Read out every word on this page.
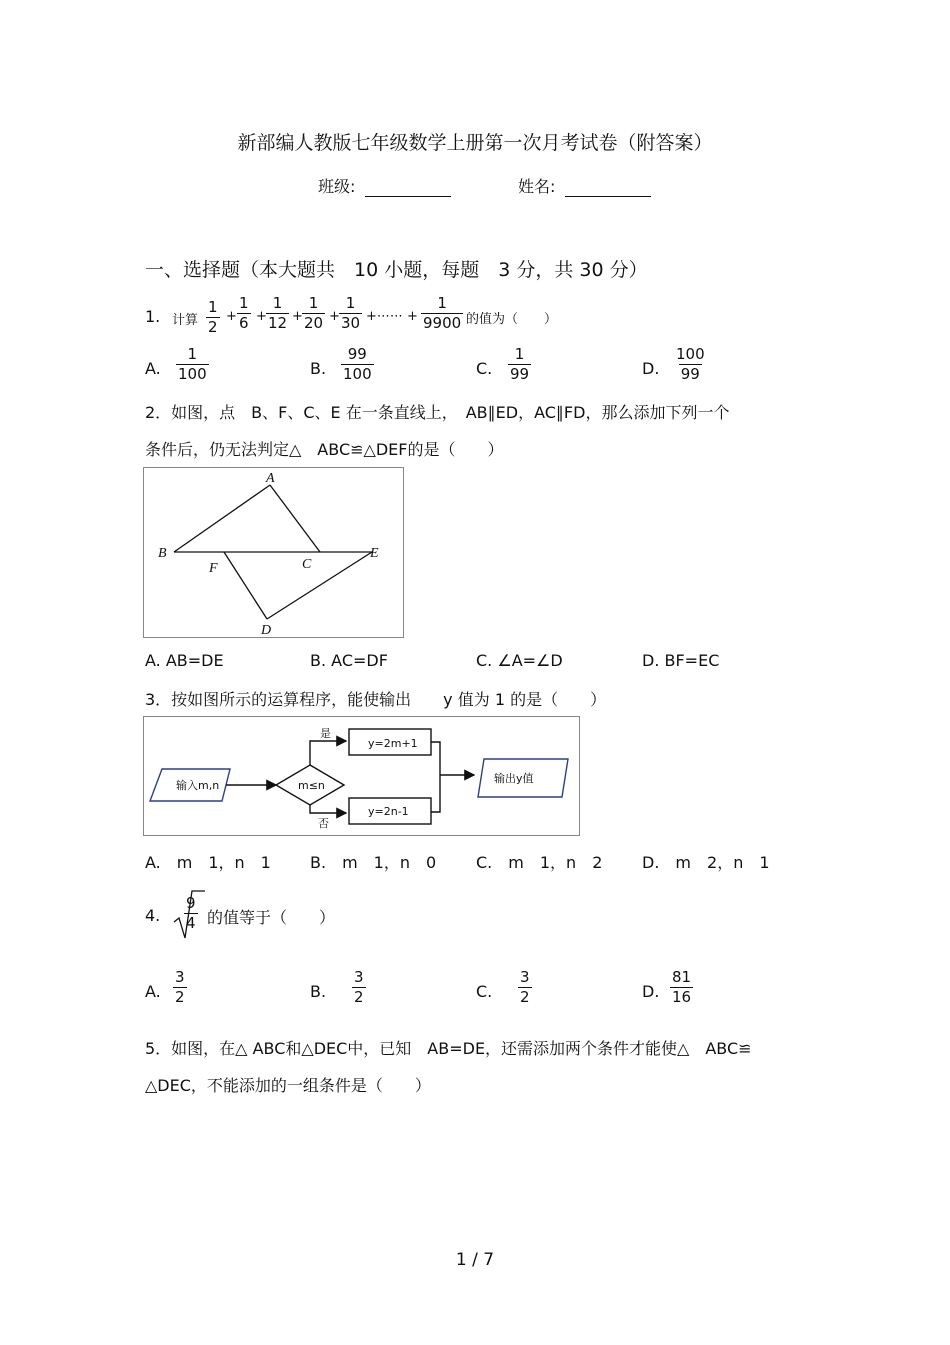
新部编人教版七年级数学上册第一次月考试卷（附答案）
班级:	姓名:
一、选择题（本大题共　10 小题，每题　3 分，共 30 分）
1. 计算 $\frac{1}{2} + \frac{1}{6} + \frac{1}{12} + \frac{1}{20} + \frac{1}{30}$ +⋯⋯ + $\frac{1}{9900}$ 的值为（　　）
A. $\frac{1}{100}$	B. $\frac{99}{100}$	C. $\frac{1}{99}$	D. $\frac{100}{99}$
2．如图，点　B、F、C、E 在一条直线上，　AB∥ED，AC∥FD，那么添加下列一个
条件后，仍无法判定△　ABC≌△DEF的是（　　）
A
B
C
D
E
F
A. AB=DE	B. AC=DF	C. ∠A=∠D	D. BF=EC
3．按如图所示的运算程序，能使输出　　y 值为 1 的是（　　）
输入m,n	m≤n
是
否
y=2m+1
y=2n-1
输出y值
A.　 m　1，n　1 B.　 m　1，n　0 C.　 m　1，n　2 D.　 m　2，n　1
4. $\frac{9}{4}$ 的值等于（　　）
A. $\frac{3}{2}$	B. $\frac{3}{2}$	C. $\frac{3}{2}$	D. $\frac{81}{16}$
5．如图，在△ ABC和△DEC中，已知　AB=DE，还需添加两个条件才能使△　ABC≌
△DEC，不能添加的一组条件是（　　）
1 / 7
